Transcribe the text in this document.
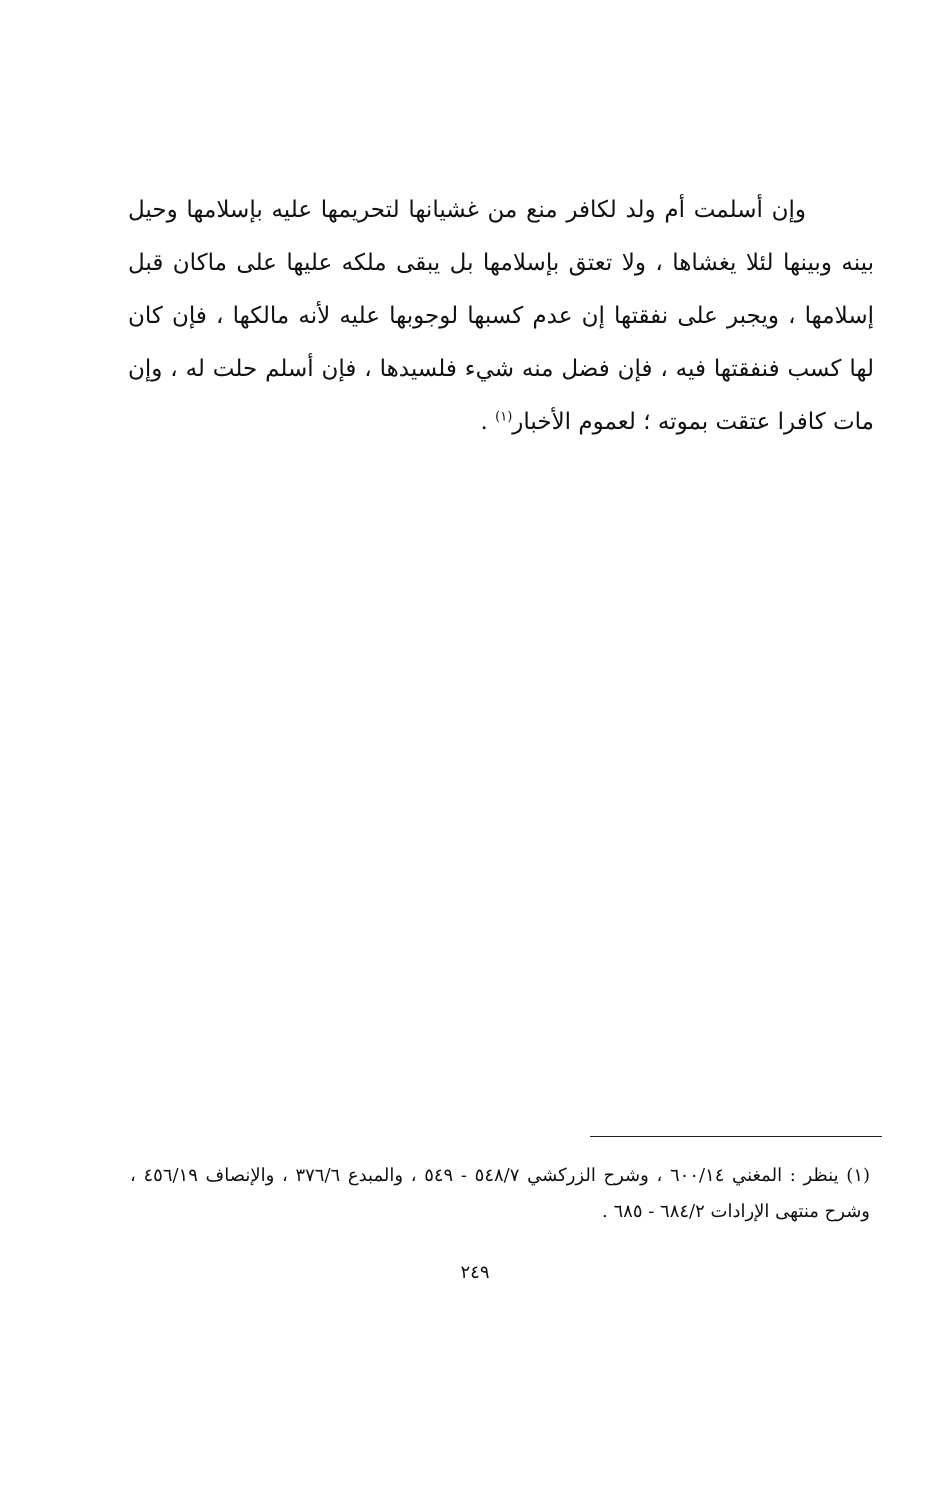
وإن أسلمت أم ولد لكافر منع من غشيانها لتحريمها عليه بإسلامها وحيل بينه وبينها لئلا يغشاها ، ولا تعتق بإسلامها بل يبقى ملكه عليها على ماكان قبل إسلامها ، ويجبر على نفقتها إن عدم كسبها لوجوبها عليه لأنه مالكها ، فإن كان لها كسب فنفقتها فيه ، فإن فضل منه شيء فلسيدها ، فإن أسلم حلت له ، وإن مات كافرا عتقت بموته ؛ لعموم الأخبار$^{(١)}$ .

(١) ينظر : المغني ٦٠٠/١٤ ، وشرح الزركشي ٥٤٨/٧ - ٥٤٩ ، والمبدع ٣٧٦/٦ ، والإنصاف ٤٥٦/١٩ ، وشرح منتهى الإرادات ٦٨٤/٢ - ٦٨٥ .

٢٤٩
